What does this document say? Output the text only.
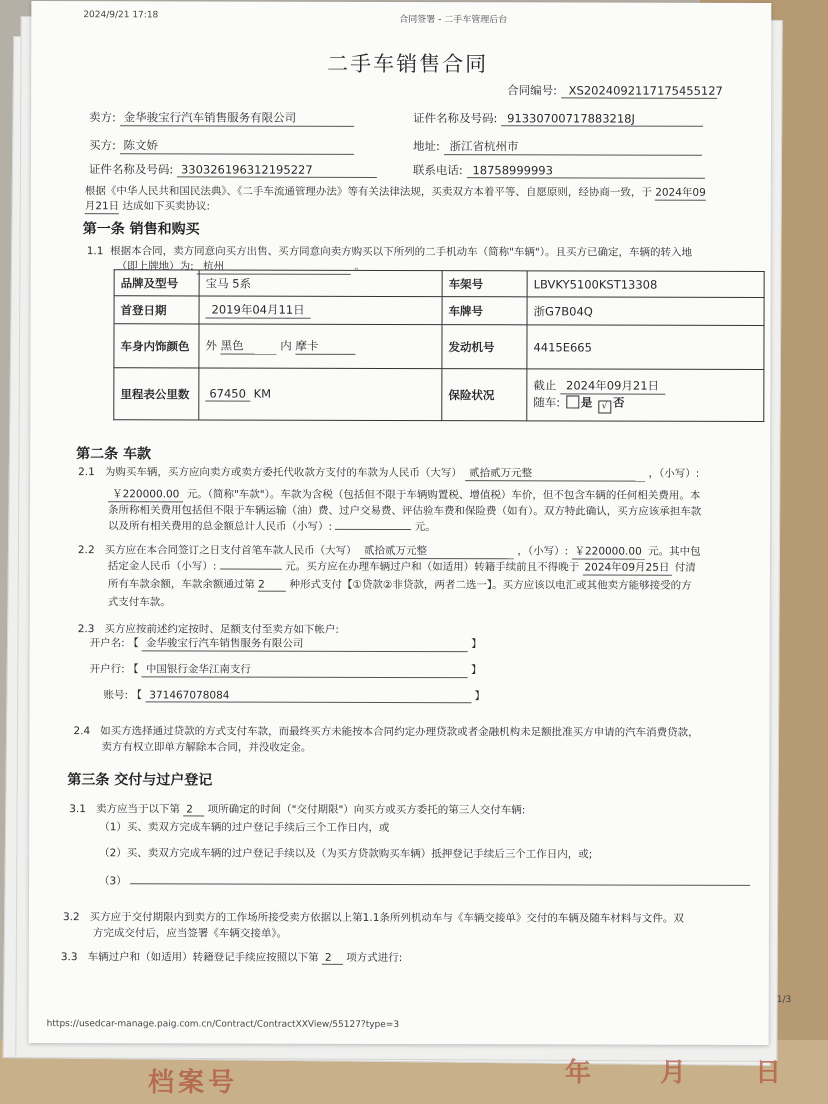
档案号	年 月 日
2024/9/21 17:18	合同签署 - 二手车管理后台
二手车销售合同
合同编号: XS20240921171754551​27
卖方: 金华骏宝行汽车销售服务有限公司	证件名称及号码: 91330700717883218J
买方: 陈文娇	地址: 浙江省杭州市
证件名称及号码: 330326196312195227	联系电话: 18758999993
根据《中华人民共和国民法典》、《二手车流通管理办法》等有关法律法规，买卖双方本着平等、自愿原则，经协商一致，于 2024年09
月21日 达成如下买卖协议:
第一条 销售和购买
1.1 根据本合同，卖方同意向买方出售、买方同意向卖方购买以下所列的二手机动车（简称"车辆"）。且买方已确定，车辆的转入地
（即上牌地）为: 杭州	。
品牌及型号	宝马 5系	车架号	LBVKY5100KST13308
首登日期	2019年04月11日	车牌号	浙G7B04Q
车身内饰颜色	外 黑色 内 摩卡	发动机号	4415E665
里程表公里数	67450 KM	保险状况	截止 2024年09月21日
随车: 是 √ 否
第二条 车款
2.1 为购买车辆，买方应向卖方或卖方委托代收款方支付的车款为人民币（大写） 贰拾贰万元整	，（小写）:
￥220000.00 元。（简称"车款"）。车款为含税（包括但不限于车辆购置税、增值税）车价，但不包含车辆的任何相关费用。本
条所称相关费用包括但不限于车辆运输（油）费、过户交易费、评估验车费和保险费（如有）。双方特此确认，买方应该承担车款
以及所有相关费用的总金额总计人民币（小写）:	元。
2.2 买方应在本合同签订之日支付首笔车款人民币（大写） 贰拾贰万元整	，（小写）: ￥220000.00 元。其中包
括定金人民币（小写）:	元。买方应在办理车辆过户和（如适用）转籍手续前且不得晚于 2024年09月25日 付清
所有车款余额，车款余额通过第 2 种形式支付【①贷款②非贷款，两者二选一】。买方应该以电汇或其他卖方能够接受的方
式支付车款。
2.3 买方应按前述约定按时、足额支付至卖方如下帐户:
开户名: 【 金华骏宝行汽车销售服务有限公司	】
开户行: 【 中国银行金华江南支行	】
账号: 【 371467078084	】
2.4 如买方选择通过贷款的方式支付车款，而最终买方未能按本合同约定办理贷款或者金融机构未足额批准买方申请的汽车消费贷款，
卖方有权立即单方解除本合同，并没收定金。
第三条 交付与过户登记
3.1 卖方应当于以下第 2 项所确定的时间（"交付期限"）向买方或买方委托的第三人交付车辆:
（1）买、卖双方完成车辆的过户登记手续后三个工作日内，或
（2）买、卖双方完成车辆的过户登记手续以及（为买方贷款购买车辆）抵押登记手续后三个工作日内，或;
（3）
3.2 买方应于交付期限内到卖方的工作场所接受卖方依据以上第1.1条所列机动车与《车辆交接单》交付的车辆及随车材料与文件。双
方完成交付后，应当签署《车辆交接单》。
3.3 车辆过户和（如适用）转籍登记手续应按照以下第 2 项方式进行:
https://usedcar-manage.paig.com.cn/Contract/ContractXXView/55127?type=3
1/3
